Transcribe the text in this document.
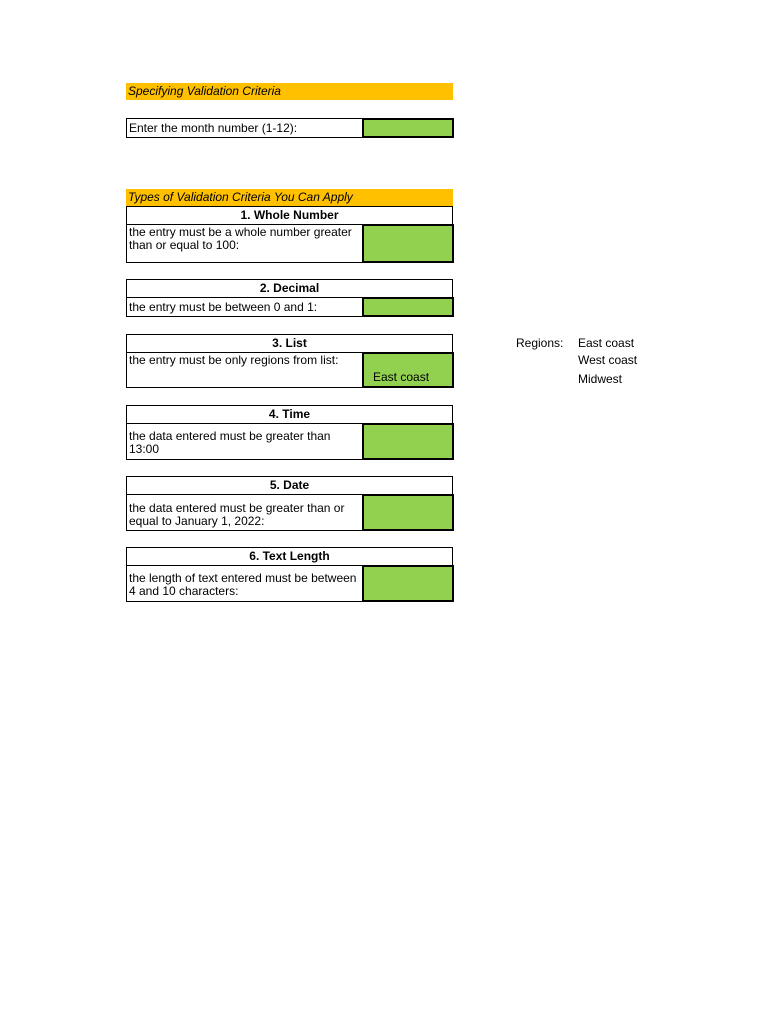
Specifying Validation Criteria
Enter the month number (1-12):
Types of Validation Criteria You Can Apply
1. Whole Number
the entry must be a whole number greater than or equal to 100:
2. Decimal
the entry must be between 0 and 1:
3. List
the entry must be only regions from list:
East coast
4. Time
the data entered must be greater than 13:00
5. Date
the data entered must be greater than or equal to January 1, 2022:
6. Text Length
the length of text entered must be between 4 and 10 characters:
Regions: East coast
West coast
Midwest
